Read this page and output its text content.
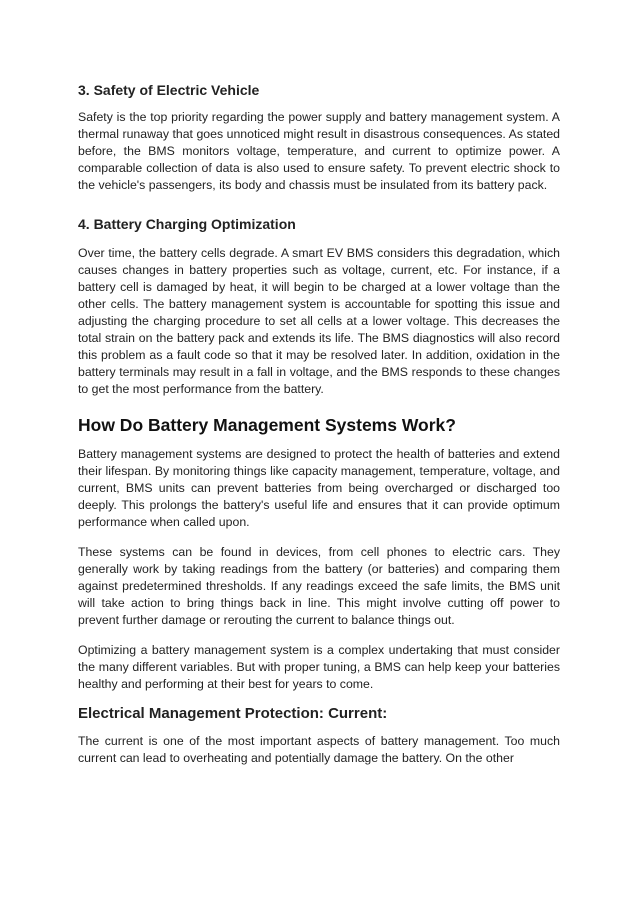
3. Safety of Electric Vehicle

Safety is the top priority regarding the power supply and battery management system. A thermal runaway that goes unnoticed might result in disastrous consequences. As stated before, the BMS monitors voltage, temperature, and current to optimize power. A comparable collection of data is also used to ensure safety. To prevent electric shock to the vehicle's passengers, its body and chassis must be insulated from its battery pack.

4. Battery Charging Optimization

Over time, the battery cells degrade. A smart EV BMS considers this degradation, which causes changes in battery properties such as voltage, current, etc. For instance, if a battery cell is damaged by heat, it will begin to be charged at a lower voltage than the other cells. The battery management system is accountable for spotting this issue and adjusting the charging procedure to set all cells at a lower voltage. This decreases the total strain on the battery pack and extends its life. The BMS diagnostics will also record this problem as a fault code so that it may be resolved later. In addition, oxidation in the battery terminals may result in a fall in voltage, and the BMS responds to these changes to get the most performance from the battery.

How Do Battery Management Systems Work?

Battery management systems are designed to protect the health of batteries and extend their lifespan. By monitoring things like capacity management, temperature, voltage, and current, BMS units can prevent batteries from being overcharged or discharged too deeply. This prolongs the battery's useful life and ensures that it can provide optimum performance when called upon.

These systems can be found in devices, from cell phones to electric cars. They generally work by taking readings from the battery (or batteries) and comparing them against predetermined thresholds. If any readings exceed the safe limits, the BMS unit will take action to bring things back in line. This might involve cutting off power to prevent further damage or rerouting the current to balance things out.

Optimizing a battery management system is a complex undertaking that must consider the many different variables. But with proper tuning, a BMS can help keep your batteries healthy and performing at their best for years to come.

Electrical Management Protection: Current:

The current is one of the most important aspects of battery management. Too much current can lead to overheating and potentially damage the battery. On the other
